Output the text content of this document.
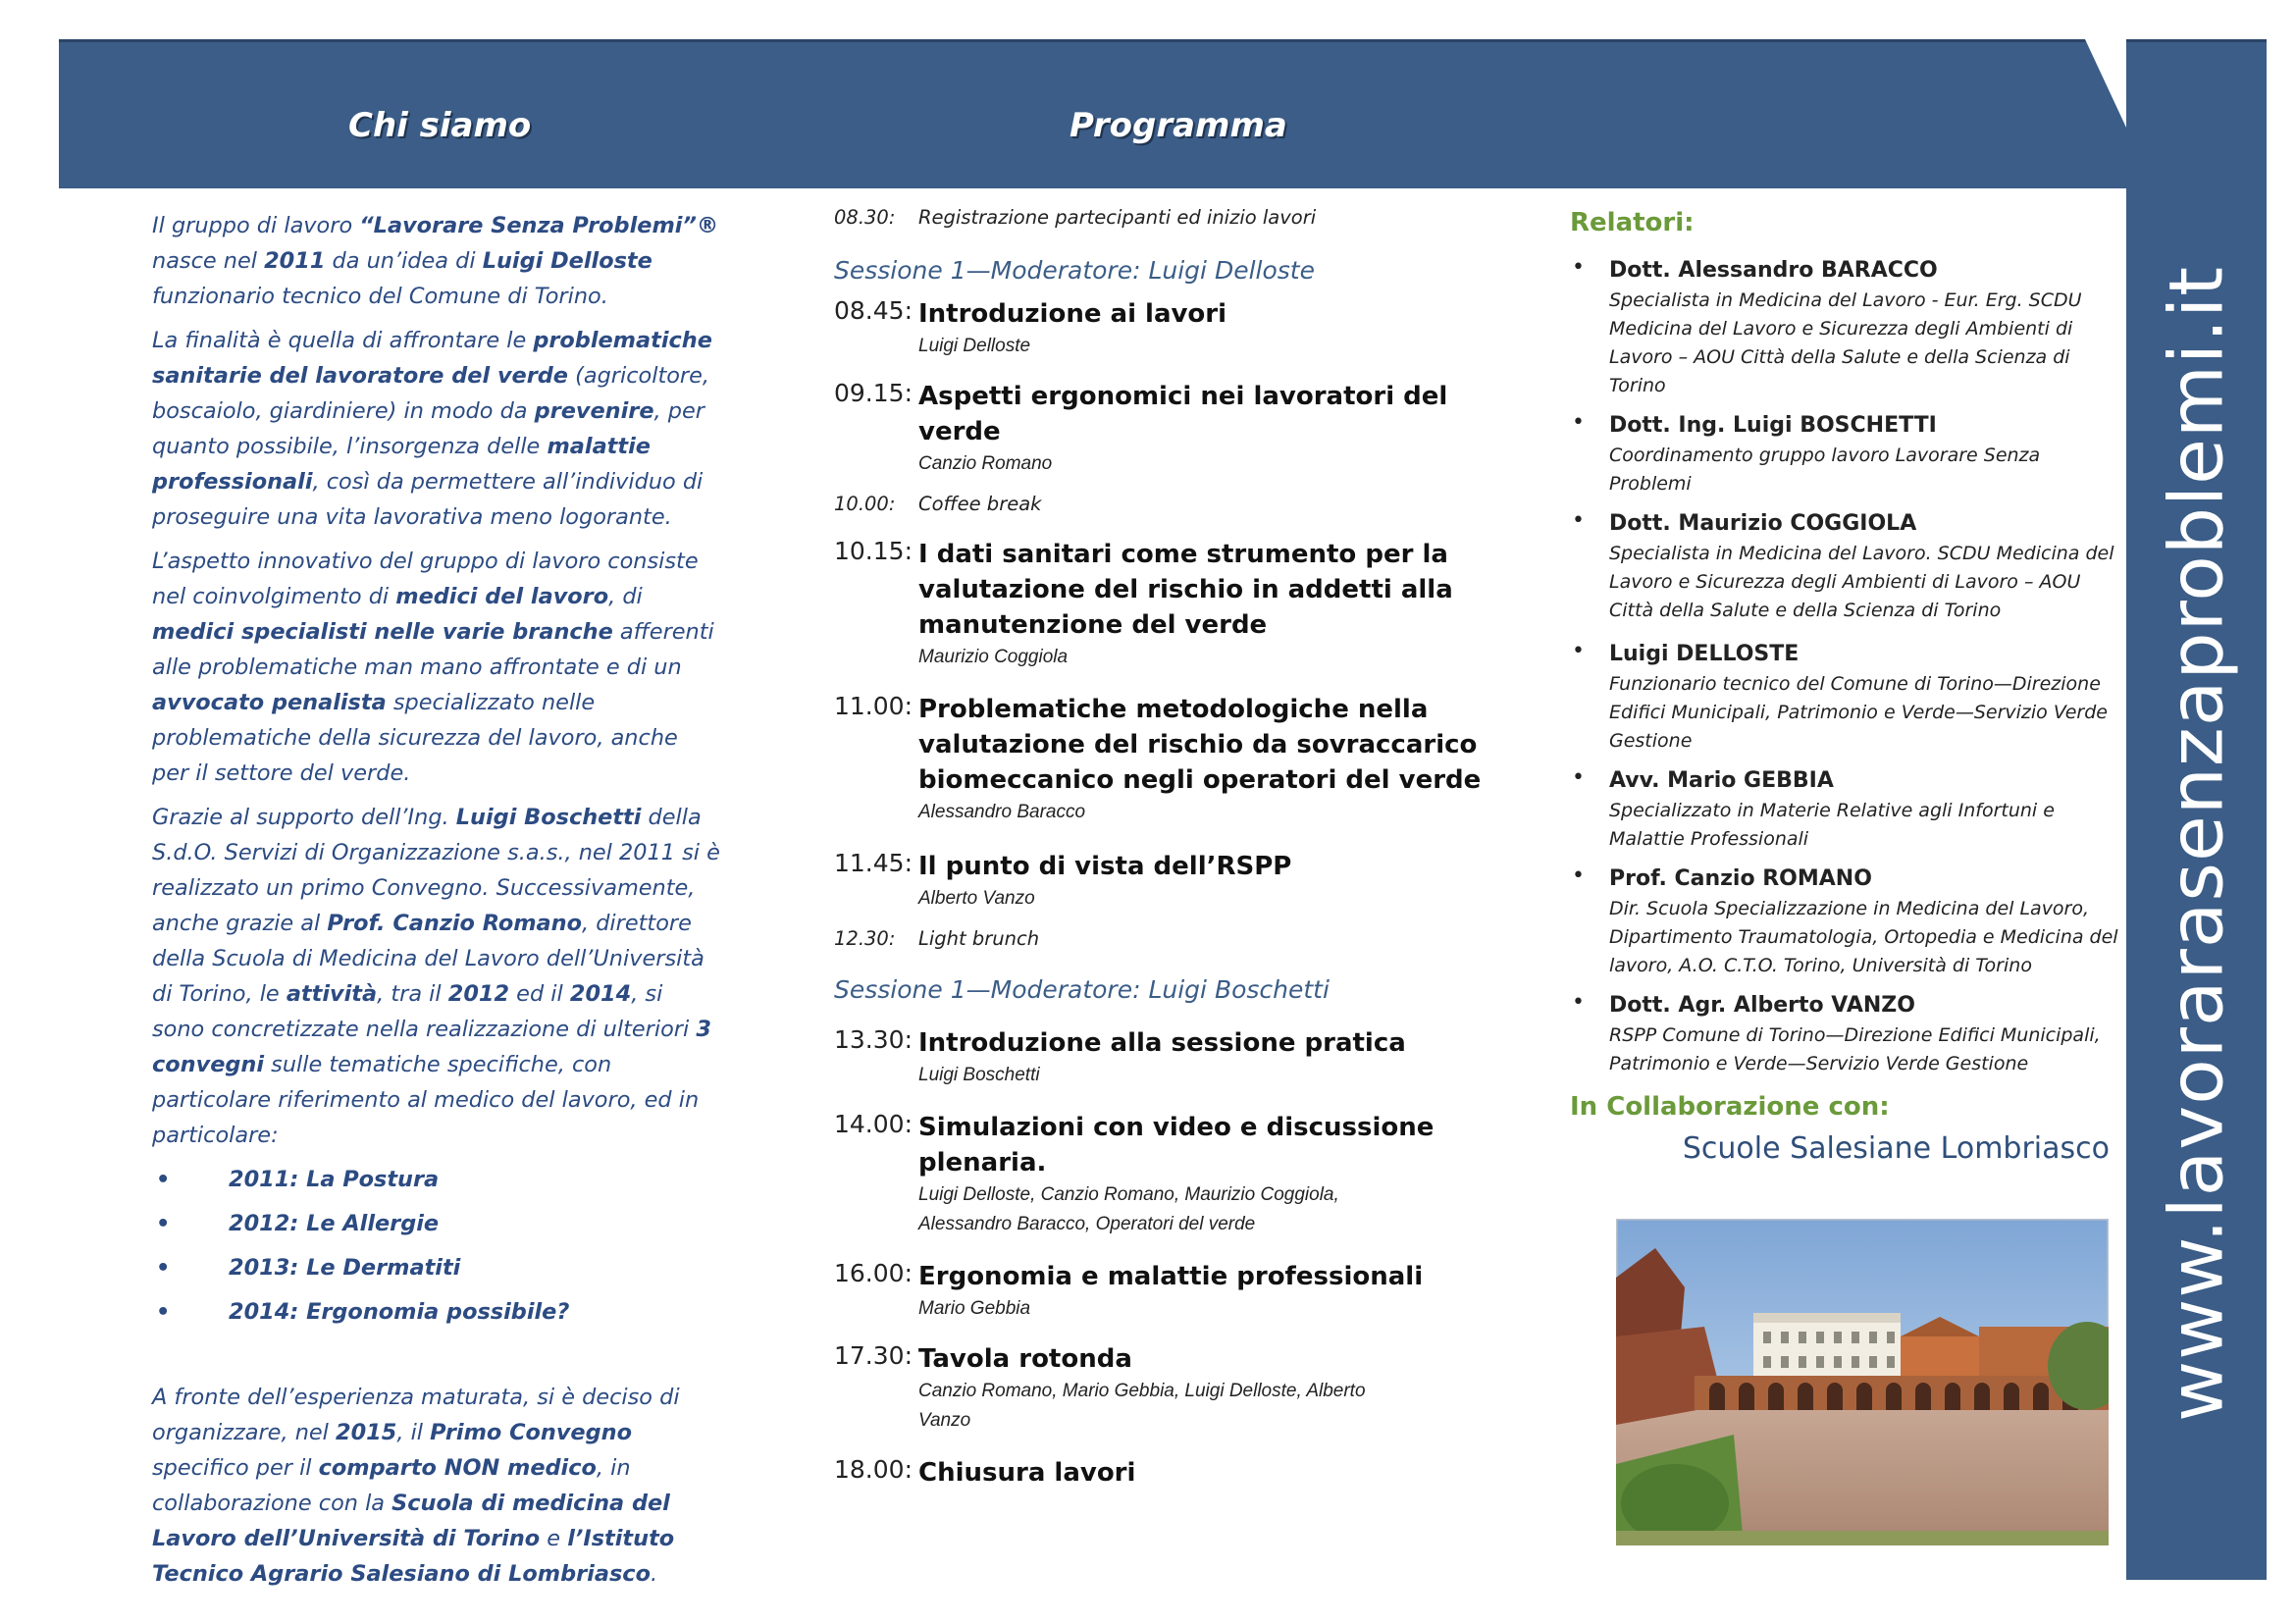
Chi siamo	Programma
www.lavorarasenzaproblemi.it

Il gruppo di lavoro “Lavorare Senza Problemi”® nasce nel 2011 da un’idea di Luigi Delloste funzionario tecnico del Comune di Torino.

La finalità è quella di affrontare le problematiche sanitarie del lavoratore del verde (agricoltore, boscaiolo, giardiniere) in modo da prevenire, per quanto possibile, l’insorgenza delle malattie professionali, così da permettere all’individuo di proseguire una vita lavorativa meno logorante.

L’aspetto innovativo del gruppo di lavoro consiste nel coinvolgimento di medici del lavoro, di medici specialisti nelle varie branche afferenti alle problematiche man mano affrontate e di un avvocato penalista specializzato nelle problematiche della sicurezza del lavoro, anche per il settore del verde.

Grazie al supporto dell’Ing. Luigi Boschetti della S.d.O. Servizi di Organizzazione s.a.s., nel 2011 si è realizzato un primo Convegno. Successivamente, anche grazie al Prof. Canzio Romano, direttore della Scuola di Medicina del Lavoro dell’Università di Torino, le attività, tra il 2012 ed il 2014, si sono concretizzate nella realizzazione di ulteriori 3 convegni sulle tematiche specifiche, con particolare riferimento al medico del lavoro, ed in particolare:

• 2011: La Postura
• 2012: Le Allergie
• 2013: Le Dermatiti
• 2014: Ergonomia possibile?

A fronte dell’esperienza maturata, si è deciso di organizzare, nel 2015, il Primo Convegno specifico per il comparto NON medico, in collaborazione con la Scuola di medicina del Lavoro dell’Università di Torino e l’Istituto Tecnico Agrario Salesiano di Lombriasco.

08.30: Registrazione partecipanti ed inizio lavori
Sessione 1—Moderatore: Luigi Delloste
08.45: Introduzione ai lavori
Luigi Delloste
09.15: Aspetti ergonomici nei lavoratori del verde
Canzio Romano
10.00: Coffee break
10.15: I dati sanitari come strumento per la valutazione del rischio in addetti alla manutenzione del verde
Maurizio Coggiola
11.00: Problematiche metodologiche nella valutazione del rischio da sovraccarico biomeccanico negli operatori del verde
Alessandro Baracco
11.45: Il punto di vista dell’RSPP
Alberto Vanzo
12.30: Light brunch
Sessione 1—Moderatore: Luigi Boschetti
13.30: Introduzione alla sessione pratica
Luigi Boschetti
14.00: Simulazioni con video e discussione plenaria.
Luigi Delloste, Canzio Romano, Maurizio Coggiola, Alessandro Baracco, Operatori del verde
16.00: Ergonomia e malattie professionali
Mario Gebbia
17.30: Tavola rotonda
Canzio Romano, Mario Gebbia, Luigi Delloste, Alberto Vanzo
18.00: Chiusura lavori
Relatori:
• Dott. Alessandro BARACCO
Specialista in Medicina del Lavoro - Eur. Erg. SCDU Medicina del Lavoro e Sicurezza degli Ambienti di Lavoro – AOU Città della Salute e della Scienza di Torino
• Dott. Ing. Luigi BOSCHETTI
Coordinamento gruppo lavoro Lavorare Senza Problemi
• Dott. Maurizio COGGIOLA
Specialista in Medicina del Lavoro. SCDU Medicina del Lavoro e Sicurezza degli Ambienti di Lavoro – AOU Città della Salute e della Scienza di Torino
• Luigi DELLOSTE
Funzionario tecnico del Comune di Torino—Direzione Edifici Municipali, Patrimonio e Verde—Servizio Verde Gestione
• Avv. Mario GEBBIA
Specializzato in Materie Relative agli Infortuni e Malattie Professionali
• Prof. Canzio ROMANO
Dir. Scuola Specializzazione in Medicina del Lavoro, Dipartimento Traumatologia, Ortopedia e Medicina del lavoro, A.O. C.T.O. Torino, Università di Torino
• Dott. Agr. Alberto VANZO
RSPP Comune di Torino—Direzione Edifici Municipali, Patrimonio e Verde—Servizio Verde Gestione
In Collaborazione con:
Scuole Salesiane Lombriasco
